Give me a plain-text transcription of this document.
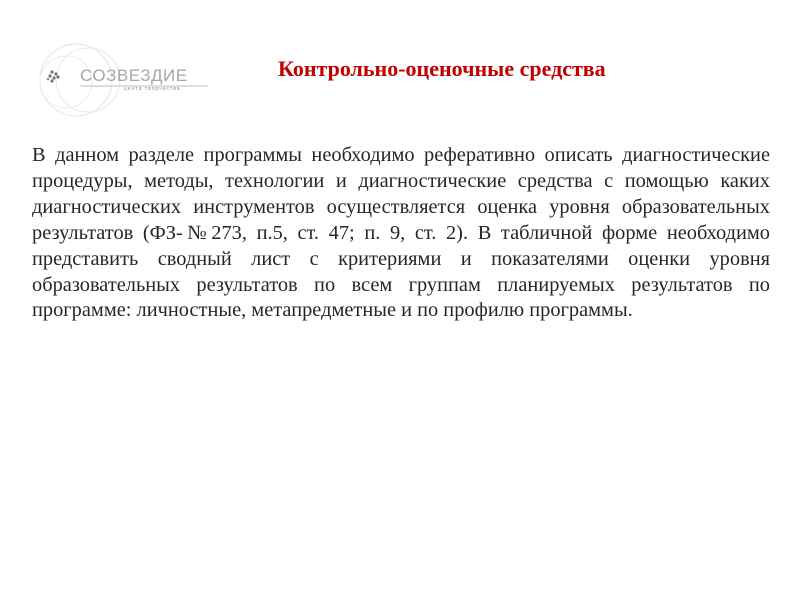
СОЗВЕЗДИЕ
центр творчества
Контрольно-оценочные средства

В данном разделе программы необходимо реферативно описать диагностические процедуры, методы, технологии и диагностические средства с помощью каких диагностических инструментов осуществляется оценка уровня образовательных результатов (ФЗ-№273, п.5, ст. 47; п. 9, ст. 2). В табличной форме необходимо представить сводный лист с критериями и показателями оценки уровня образовательных результатов по всем группам планируемых результатов по программе: личностные, метапредметные и по профилю программы.
